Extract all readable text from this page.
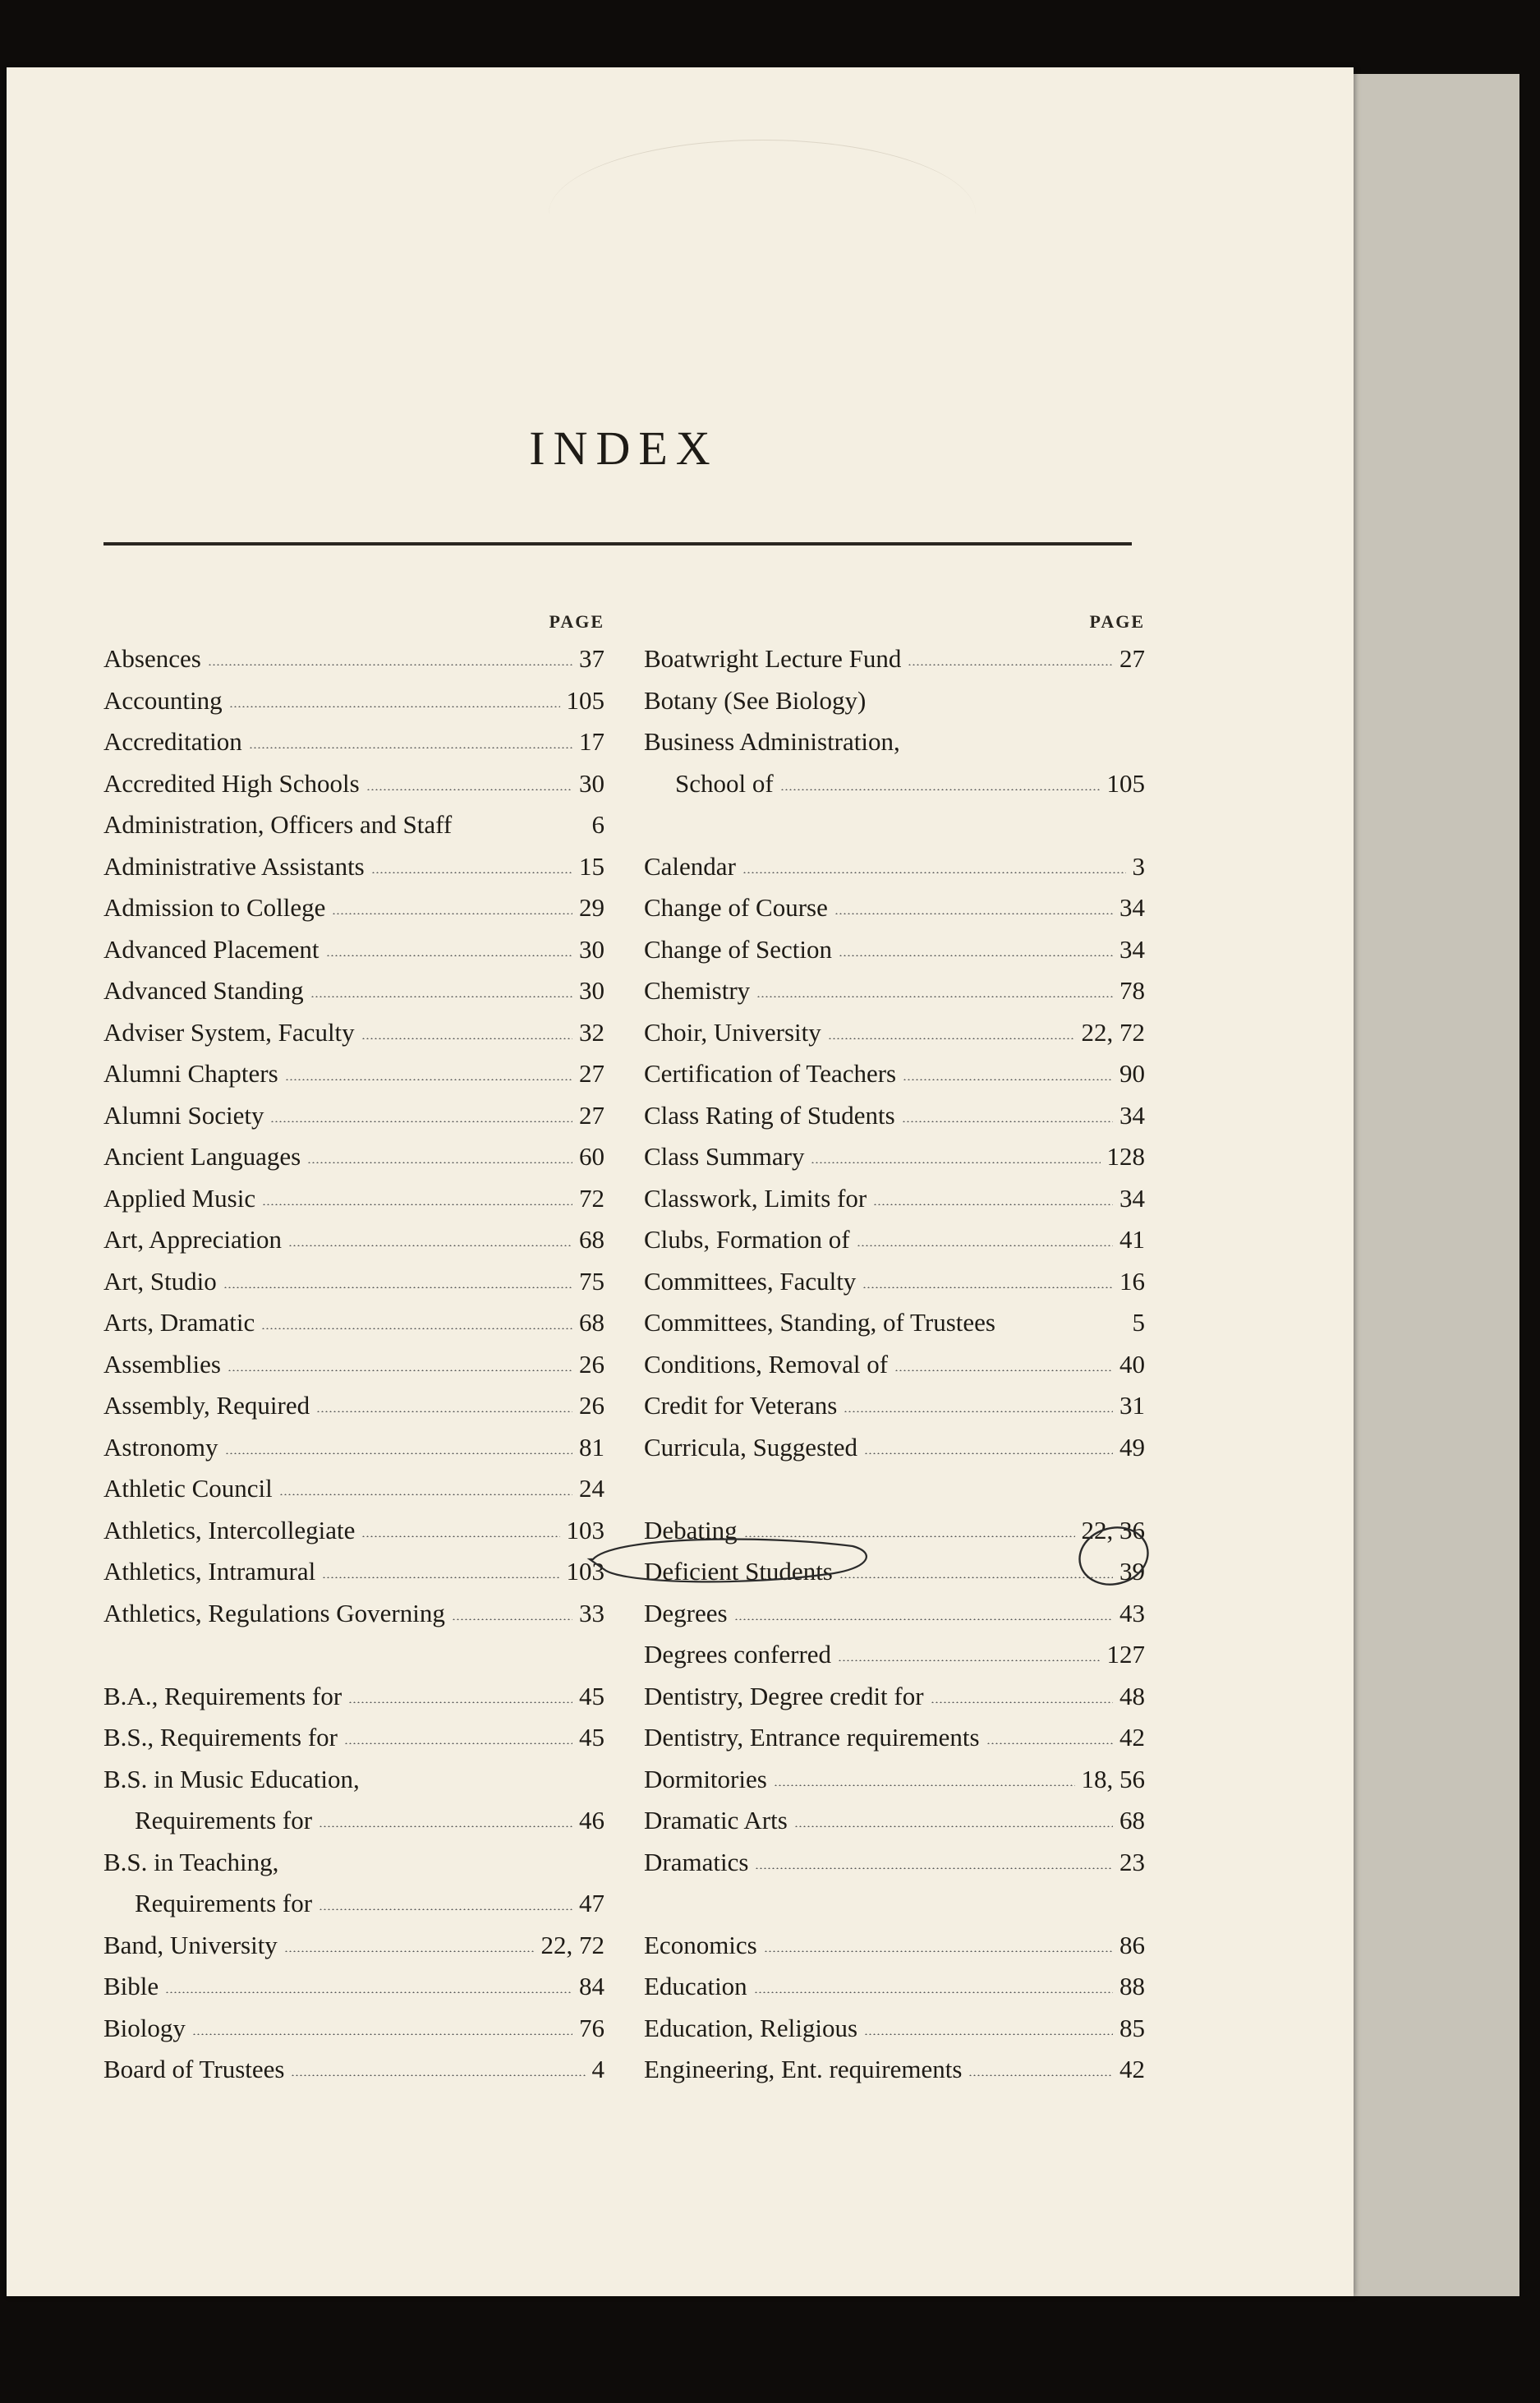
INDEX
PAGE
Absences	37
Accounting	105
Accreditation	17
Accredited High Schools	30
Administration, Officers and Staff	6
Administrative Assistants	15
Admission to College	29
Advanced Placement	30
Advanced Standing	30
Adviser System, Faculty	32
Alumni Chapters	27
Alumni Society	27
Ancient Languages	60
Applied Music	72
Art, Appreciation	68
Art, Studio	75
Arts, Dramatic	68
Assemblies	26
Assembly, Required	26
Astronomy	81
Athletic Council	24
Athletics, Intercollegiate	103
Athletics, Intramural	103
Athletics, Regulations Governing	33
B.A., Requirements for	45
B.S., Requirements for	45
B.S. in Music Education,
Requirements for	46
B.S. in Teaching,
Requirements for	47
Band, University	22, 72
Bible	84
Biology	76
Board of Trustees	4
PAGE
Boatwright Lecture Fund	27
Botany (See Biology)
Business Administration,
School of	105
Calendar	3
Change of Course	34
Change of Section	34
Chemistry	78
Choir, University	22, 72
Certification of Teachers	90
Class Rating of Students	34
Class Summary	128
Classwork, Limits for	34
Clubs, Formation of	41
Committees, Faculty	16
Committees, Standing, of Trustees	5
Conditions, Removal of	40
Credit for Veterans	31
Curricula, Suggested	49
Debating	22, 36
Deficient Students	39
Degrees	43
Degrees conferred	127
Dentistry, Degree credit for	48
Dentistry, Entrance requirements	42
Dormitories	18, 56
Dramatic Arts	68
Dramatics	23
Economics	86
Education	88
Education, Religious	85
Engineering, Ent. requirements	42
